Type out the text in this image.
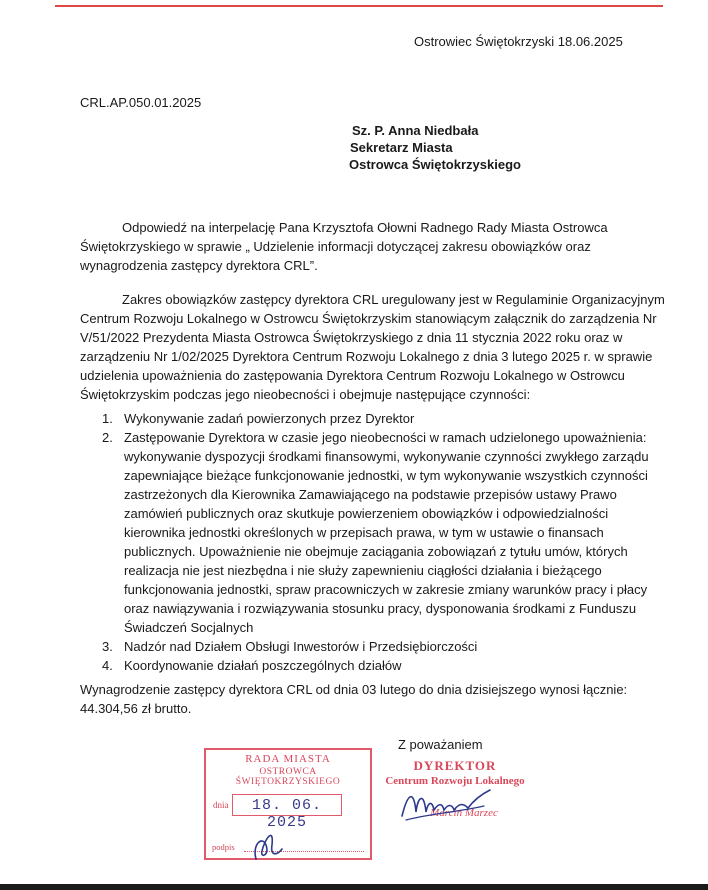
Ostrowiec Świętokrzyski 18.06.2025
CRL.AP.050.01.2025
Sz. P. Anna Niedbała
Sekretarz Miasta
Ostrowca Świętokrzyskiego
Odpowiedź na interpelację Pana Krzysztofa Ołowni Radnego Rady Miasta Ostrowca
Świętokrzyskiego w sprawie „ Udzielenie informacji dotyczącej zakresu obowiązków oraz
wynagrodzenia zastępcy dyrektora CRL”.
Zakres obowiązków zastępcy dyrektora CRL uregulowany jest w Regulaminie Organizacyjnym
Centrum Rozwoju Lokalnego w Ostrowcu Świętokrzyskim stanowiącym załącznik do zarządzenia Nr
V/51/2022 Prezydenta Miasta Ostrowca Świętokrzyskiego z dnia 11 stycznia 2022 roku oraz w
zarządzeniu Nr 1/02/2025 Dyrektora Centrum Rozwoju Lokalnego z dnia 3 lutego 2025 r. w sprawie
udzielenia upoważnienia do zastępowania Dyrektora Centrum Rozwoju Lokalnego w Ostrowcu
Świętokrzyskim podczas jego nieobecności i obejmuje następujące czynności:
1. Wykonywanie zadań powierzonych przez Dyrektor
2. Zastępowanie Dyrektora w czasie jego nieobecności w ramach udzielonego upoważnienia:
wykonywanie dyspozycji środkami finansowymi, wykonywanie czynności zwykłego zarządu
zapewniające bieżące funkcjonowanie jednostki, w tym wykonywanie wszystkich czynności
zastrzeżonych dla Kierownika Zamawiającego na podstawie przepisów ustawy Prawo
zamówień publicznych oraz skutkuje powierzeniem obowiązków i odpowiedzialności
kierownika jednostki określonych w przepisach prawa, w tym w ustawie o finansach
publicznych. Upoważnienie nie obejmuje zaciągania zobowiązań z tytułu umów, których
realizacja nie jest niezbędna i nie służy zapewnieniu ciągłości działania i bieżącego
funkcjonowania jednostki, spraw pracowniczych w zakresie zmiany warunków pracy i płacy
oraz nawiązywania i rozwiązywania stosunku pracy, dysponowania środkami z Funduszu
Świadczeń Socjalnych
3. Nadzór nad Działem Obsługi Inwestorów i Przedsiębiorczości
4. Koordynowanie działań poszczególnych działów
Wynagrodzenie zastępcy dyrektora CRL od dnia 03 lutego do dnia dzisiejszego wynosi łącznie:
44.304,56 zł brutto.
Z poważaniem
RADA MIASTA
OSTROWCA ŚWIĘTOKRZYSKIEGO
dnia	18. 06. 2025
podpis
DYREKTOR
Centrum Rozwoju Lokalnego
Marcin Marzec
